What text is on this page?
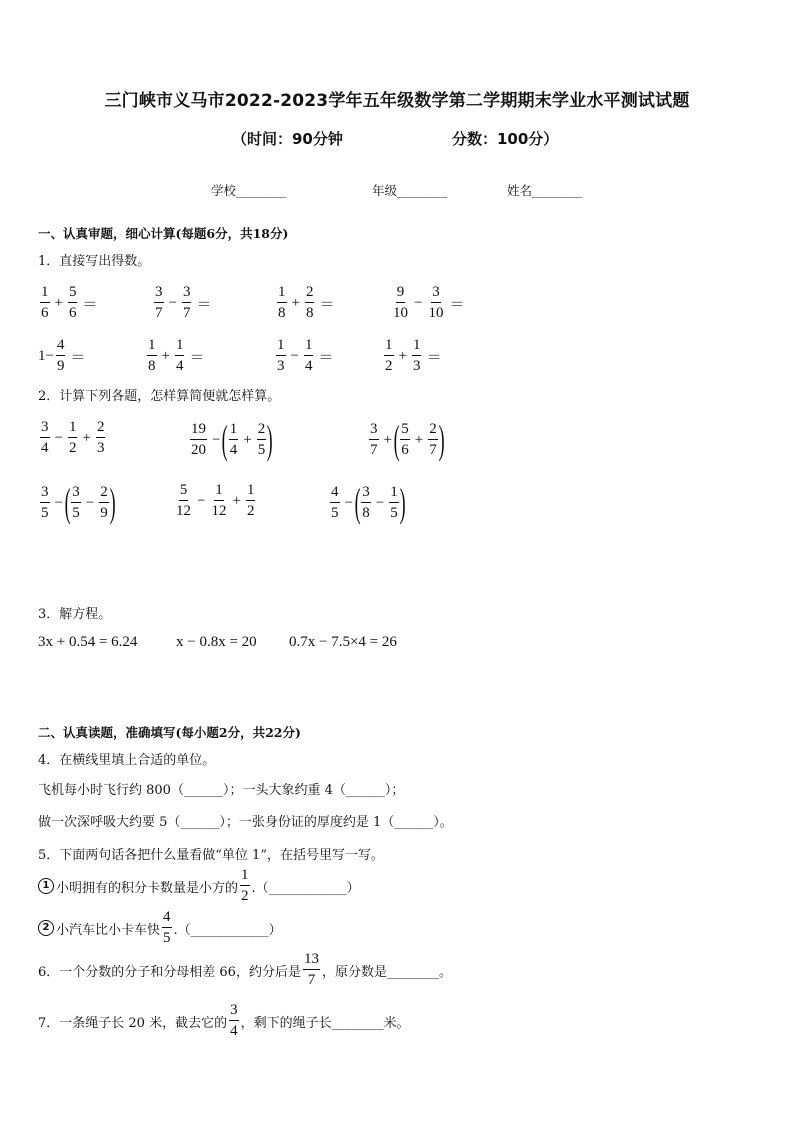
三门峡市义马市2022-2023学年五年级数学第二学期期末学业水平测试试题
（时间：90分钟	分数：100分）
学校________	年级________	姓名________
一、认真审题，细心计算(每题6分，共18分)
1．直接写出得数。
$\frac{1}{6} + \frac{5}{6}$ ＝	$\frac{3}{7} - \frac{3}{7}$ ＝	$\frac{1}{8} + \frac{2}{8}$ ＝	$\frac{9}{10} - \frac{3}{10}$ ＝
$1- \frac{4}{9}$ ＝	$\frac{1}{8} + \frac{1}{4}$ ＝	$\frac{1}{3} - \frac{1}{4}$ ＝	$\frac{1}{2} + \frac{1}{3}$ ＝
2．计算下列各题，怎样算简便就怎样算。
$\frac{3}{4} - \frac{1}{2} + \frac{2}{3}$	$\frac{19}{20}$ − ( $\frac{1}{4} + \frac{2}{5}$ )	$\frac{3}{7}$ + ( $\frac{5}{6} + \frac{2}{7}$ )
$\frac{3}{5}$ − ( $\frac{3}{5} - \frac{2}{9}$ )	$\frac{5}{12} - \frac{1}{12} + \frac{1}{2}$	$\frac{4}{5}$ − ( $\frac{3}{8} - \frac{1}{5}$ )
3．解方程。
3x + 0.54 = 6.24	x − 0.8x = 20 0.7x − 7.5×4 = 26
二、认真读题，准确填写(每小题2分，共22分)
4．在横线里填上合适的单位。
飞机每小时飞行约 800（______）；一头大象约重 4（______）；
做一次深呼吸大约要 5（______）；一张身份证的厚度约是 1（______）。
5．下面两句话各把什么量看做“单位 1”，在括号里写一写。
1 小明拥有的积分卡数量是小方的 $\frac{1}{2}$ .（____________）
2 小汽车比小卡车快 $\frac{4}{5}$ .（____________）
6．一个分数的分子和分母相差 66，约分后是 $\frac{13}{7}$ ，原分数是________。
7．一条绳子长 20 米，截去它的 $\frac{3}{4}$ ，剩下的绳子长________米。
